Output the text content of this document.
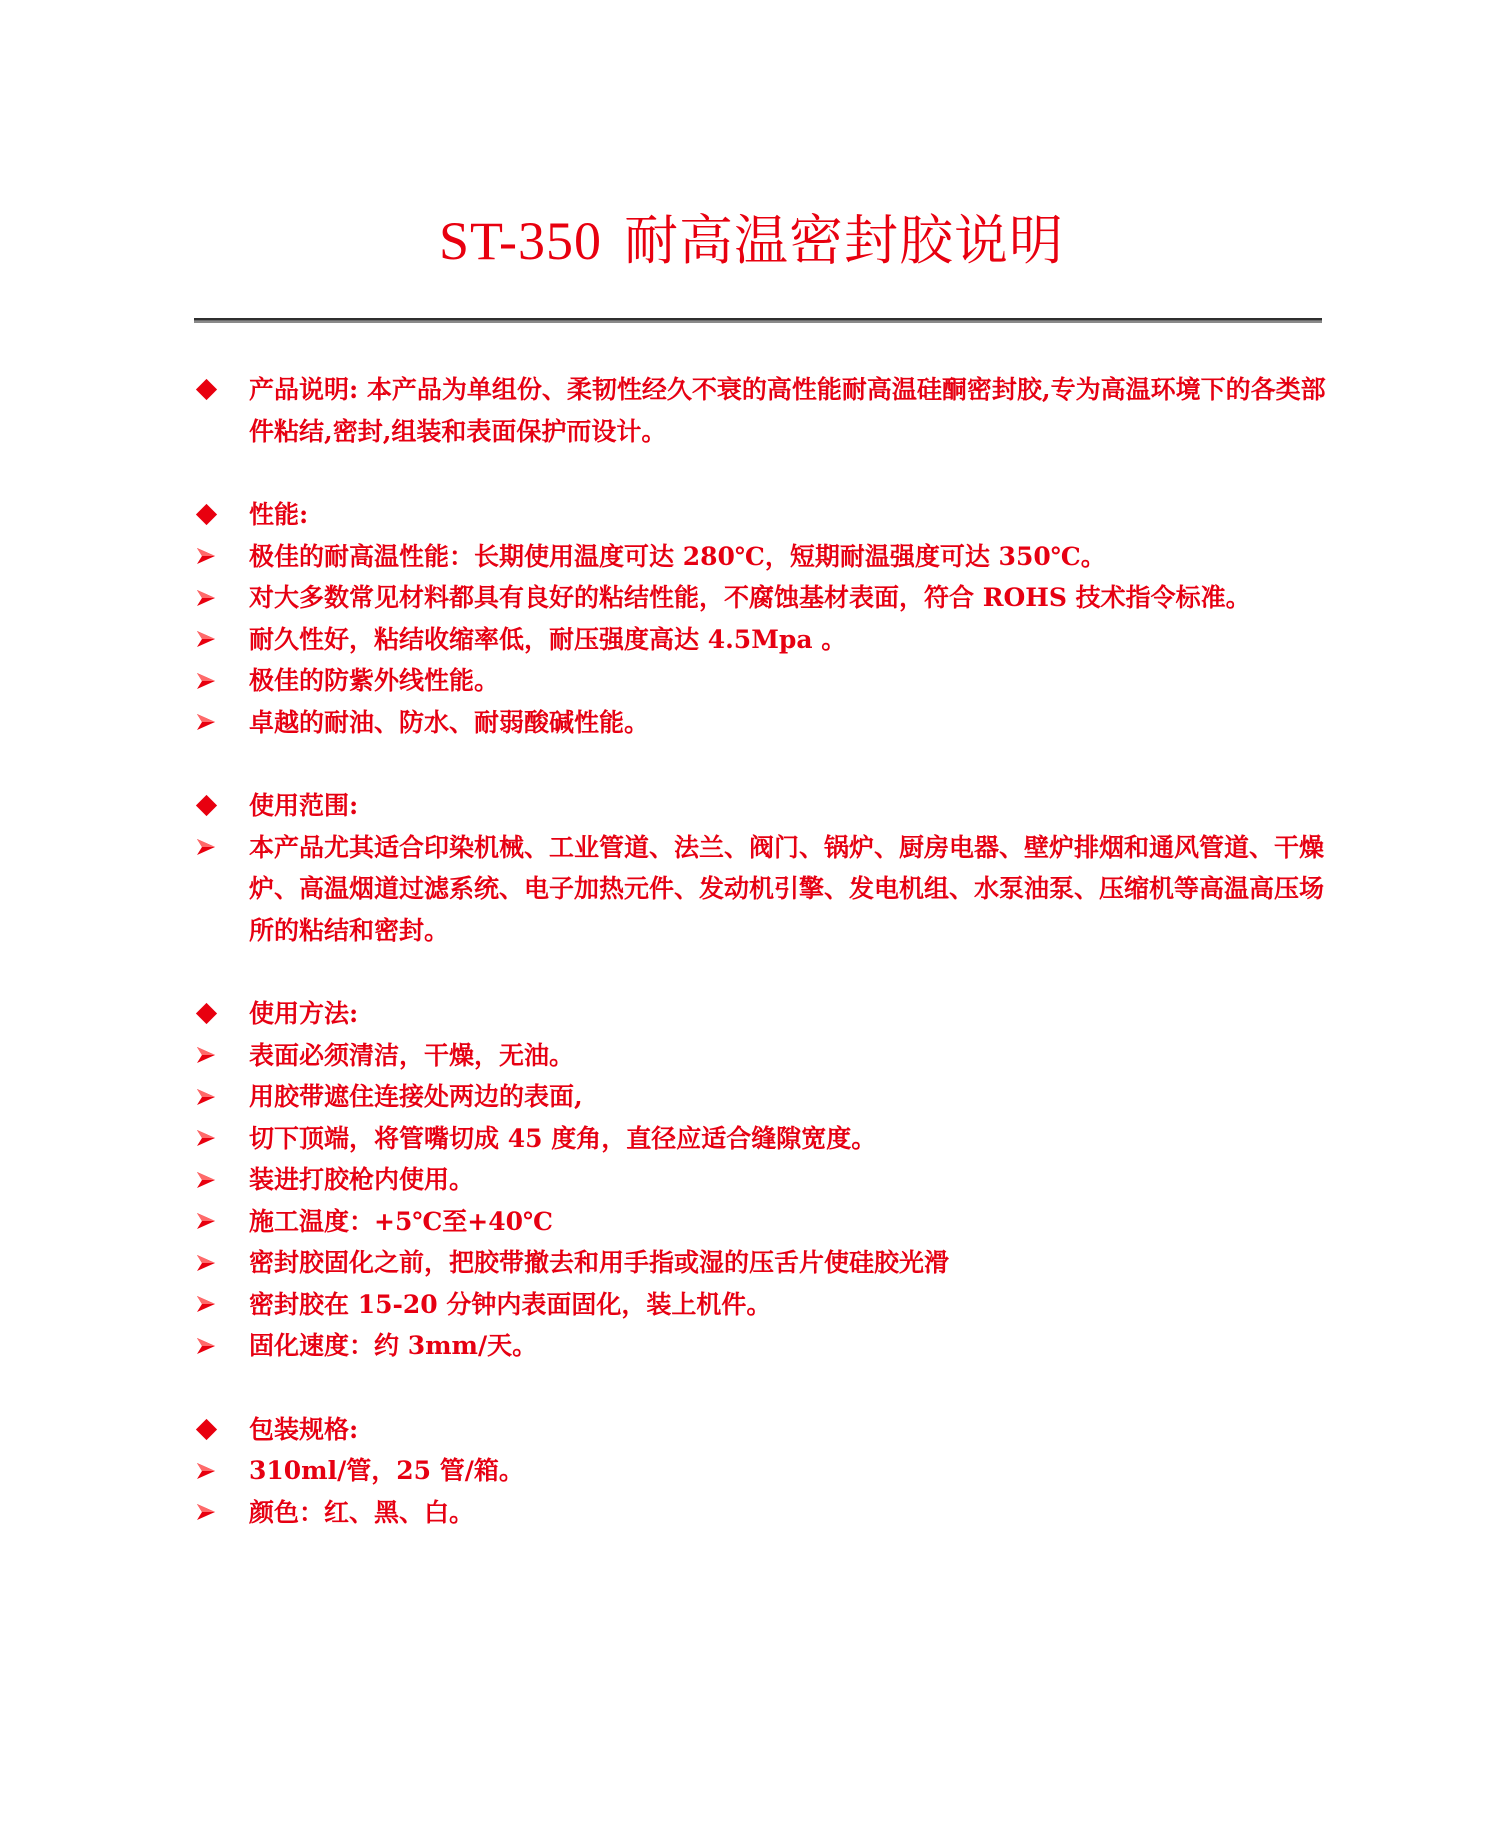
ST-350 耐高温密封胶说明
产品说明: 本产品为单组份、柔韧性经久不衰的高性能耐高温硅酮密封胶,专为高温环境下的各类部件粘结,密封,组装和表面保护而设计。
性能:
极佳的耐高温性能：长期使用温度可达 280℃，短期耐温强度可达 350℃。
对大多数常见材料都具有良好的粘结性能，不腐蚀基材表面，符合 ROHS 技术指令标准。
耐久性好，粘结收缩率低，耐压强度高达 4.5Mpa 。
极佳的防紫外线性能。
卓越的耐油、防水、耐弱酸碱性能。
使用范围:
本产品尤其适合印染机械、工业管道、法兰、阀门、锅炉、厨房电器、壁炉排烟和通风管道、干燥炉、高温烟道过滤系统、电子加热元件、发动机引擎、发电机组、水泵油泵、压缩机等高温高压场所的粘结和密封。
使用方法:
表面必须清洁，干燥，无油。
用胶带遮住连接处两边的表面,
切下顶端，将管嘴切成 45 度角，直径应适合缝隙宽度。
装进打胶枪内使用。
施工温度：+5℃至+40℃
密封胶固化之前，把胶带撤去和用手指或湿的压舌片使硅胶光滑
密封胶在 15-20 分钟内表面固化，装上机件。
固化速度：约 3mm/天。
包装规格:
310ml/管，25 管/箱。
颜色：红、黑、白。
